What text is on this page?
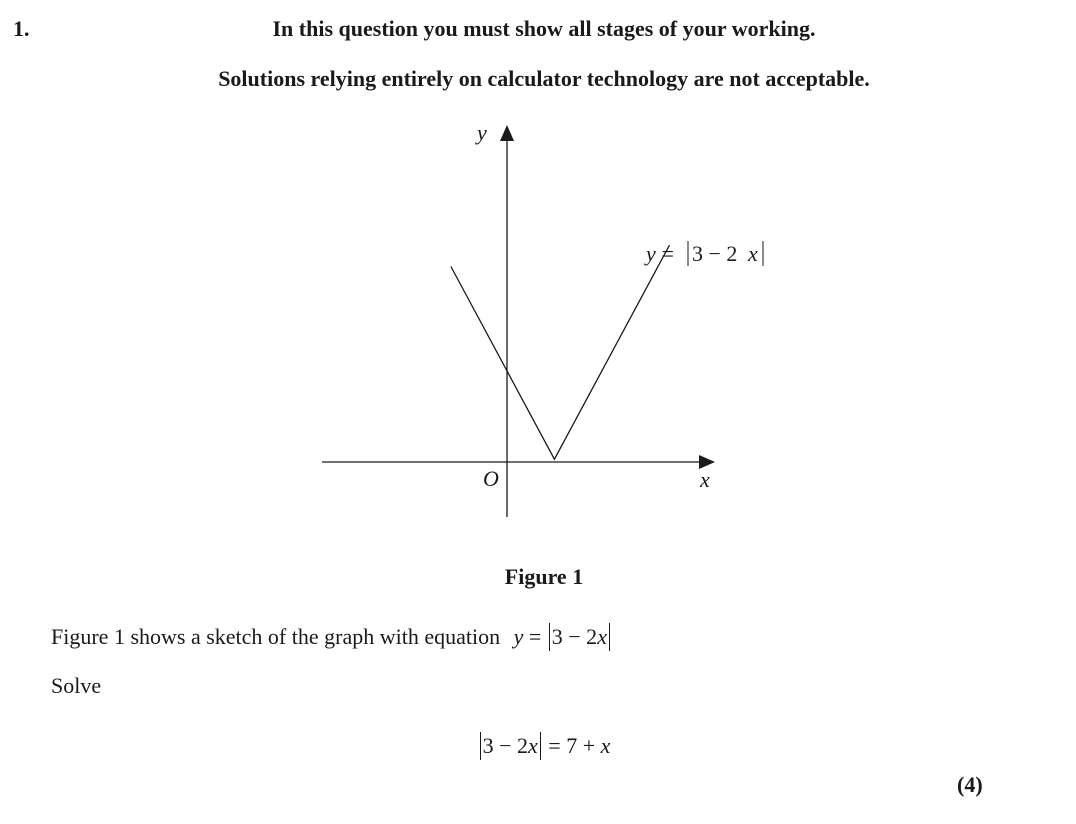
1.	In this question you must show all stages of your working.
Solutions relying entirely on calculator technology are not acceptable.
y
x
O
y = 3 − 2 x
Figure 1
Figure 1 shows a sketch of the graph with equation y = 3 − 2x
Solve
3 − 2x = 7 + x
(4)
